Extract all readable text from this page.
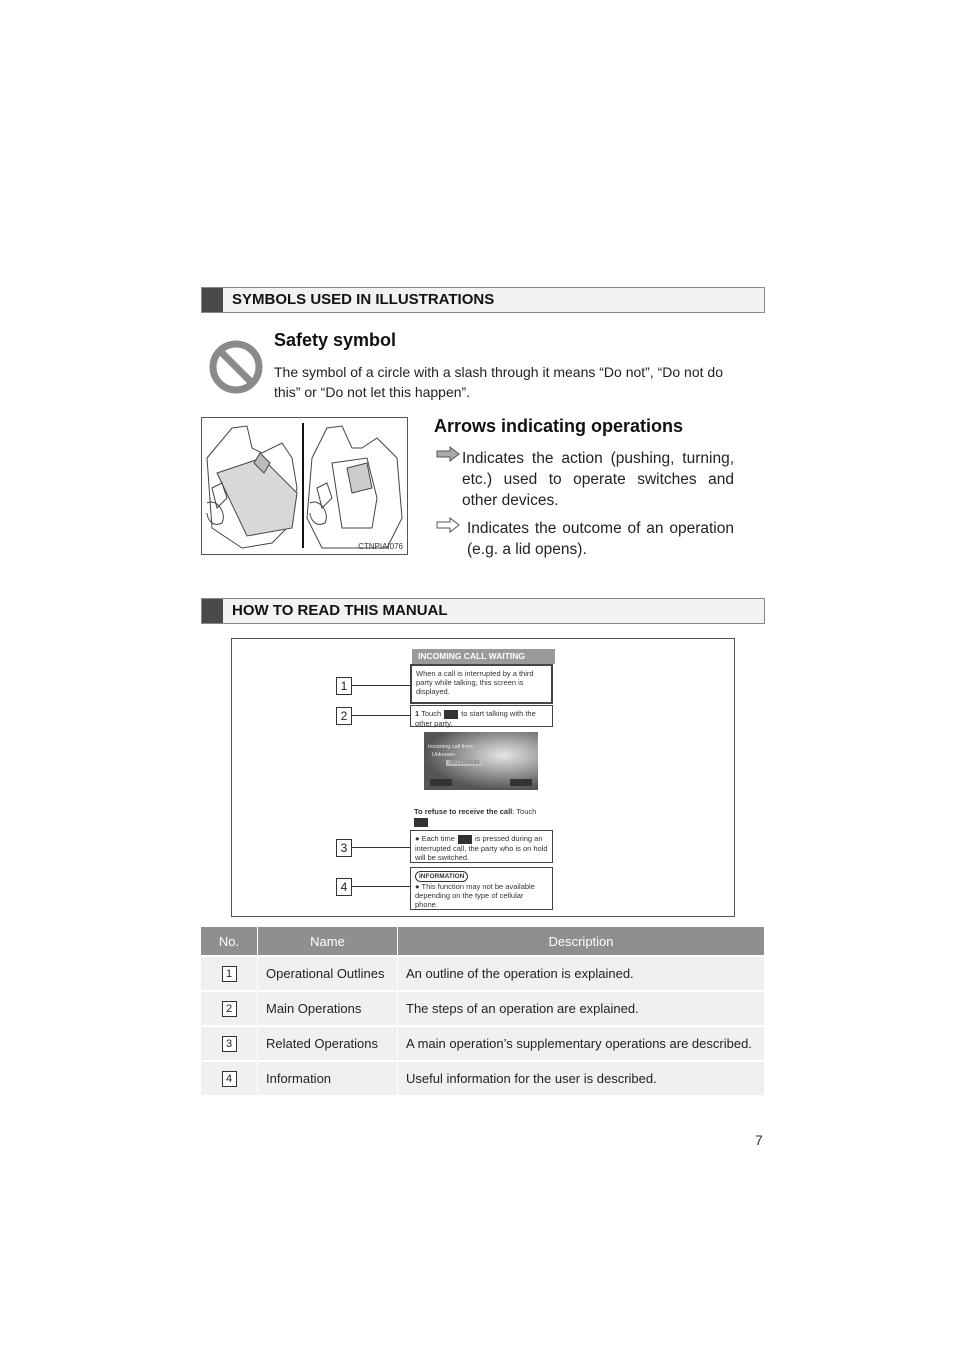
SYMBOLS USED IN ILLUSTRATIONS
Safety symbol
The symbol of a circle with a slash through it means “Do not”, “Do not do this” or “Do not let this happen”.
CTNPIAI076
Arrows indicating operations
Indicates the action (pushing, turning, etc.) used to operate switches and other devices.
Indicates the outcome of an operation (e.g. a lid opens).
HOW TO READ THIS MANUAL
INCOMING CALL WAITING
When a call is interrupted by a third party while talking, this screen is displayed.
1 Touch	to start talking with the other party.
Incoming call from:
Unknown
0803080690
To refuse to receive the call: Touch
● Each time	is pressed during an interrupted call, the party who is on hold will be switched.
INFORMATION
● This function may not be available depending on the type of cellular phone.
1
2
3
4
No.	Name	Description
1	Operational Outlines	An outline of the operation is explained.
2	Main Operations	The steps of an operation are explained.
3	Related Operations	A main operation’s supplementary operations are described.
4	Information	Useful information for the user is described.
7
